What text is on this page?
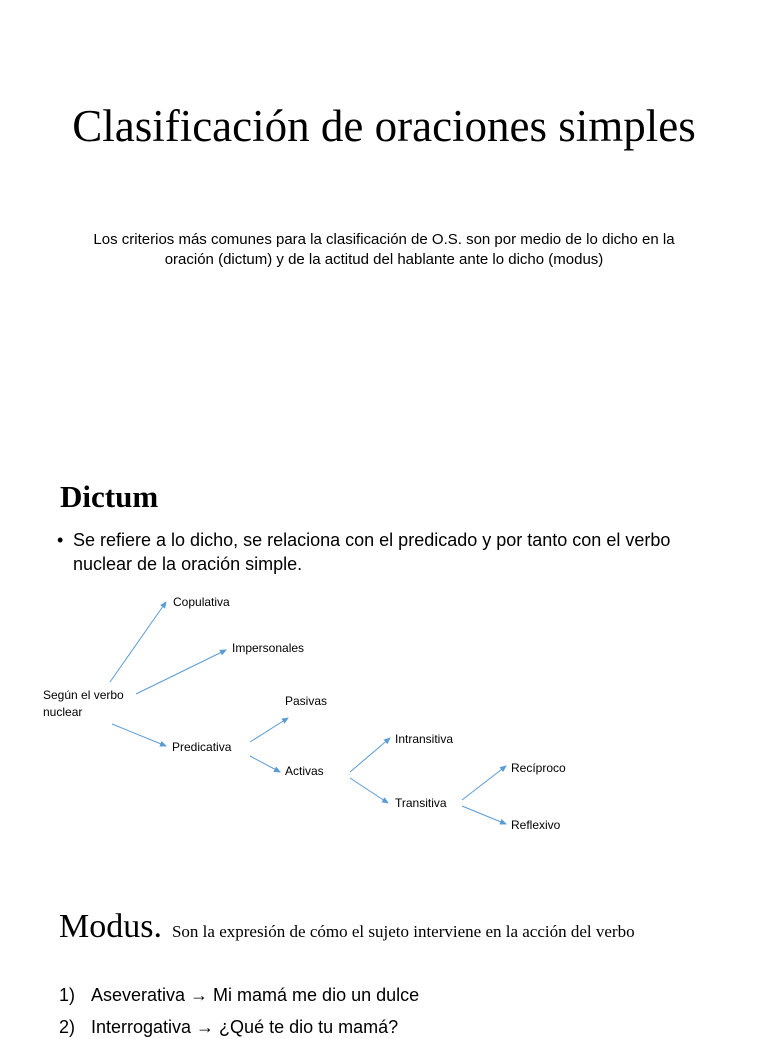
Clasificación de oraciones simples

Los criterios más comunes para la clasificación de O.S. son por medio de lo dicho en la oración (dictum) y de la actitud del hablante ante lo dicho (modus)

Dictum
• Se refiere a lo dicho, se relaciona con el predicado y por tanto con el verbo nuclear de la oración simple.
Según el verbo
nuclear
Copulativa
Impersonales
Predicativa
Pasivas
Activas
Intransitiva
Transitiva
Recíproco
Reflexivo
Modus. Son la expresión de cómo el sujeto interviene en la acción del verbo
1) Aseverativa → Mi mamá me dio un dulce
2) Interrogativa → ¿Qué te dio tu mamá?
